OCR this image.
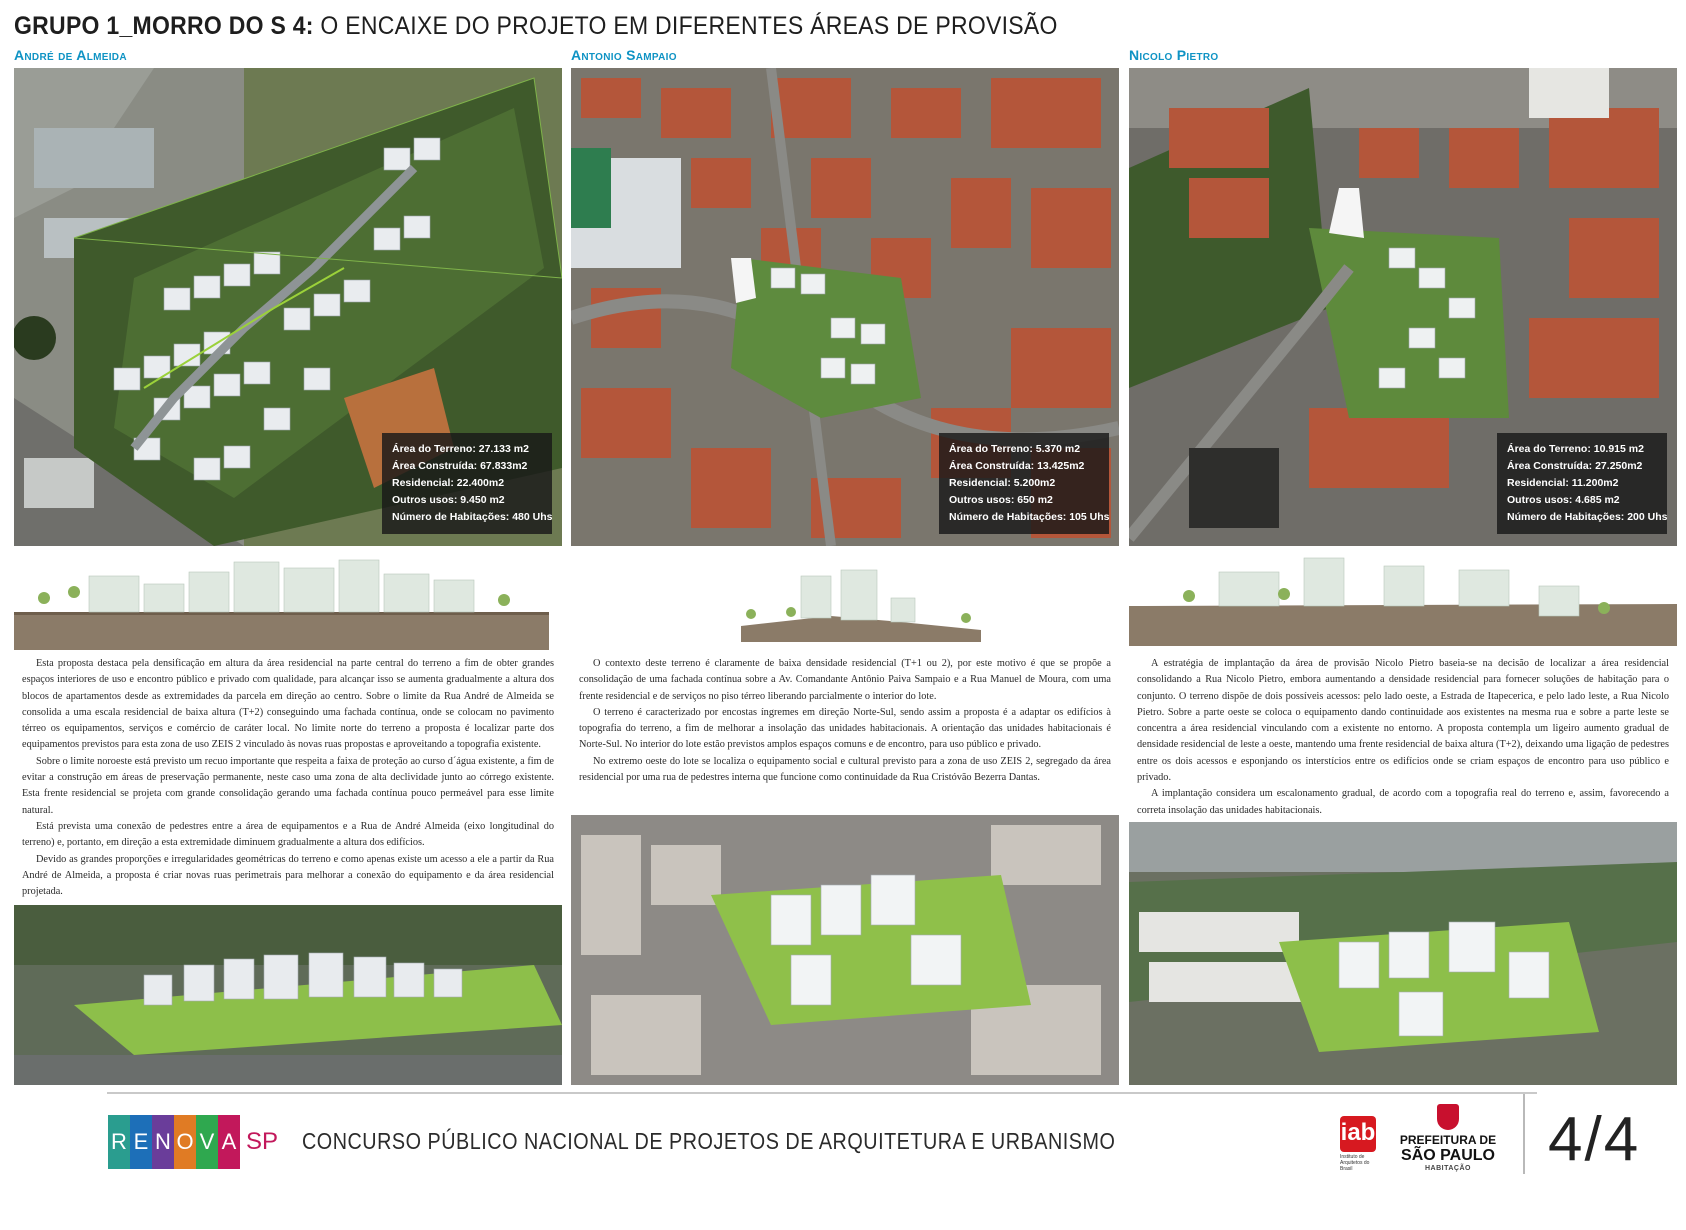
GRUPO 1_MORRO DO S 4: O ENCAIXE DO PROJETO EM DIFERENTES ÁREAS DE PROVISÃO
André de Almeida
Área do Terreno: 27.133 m2
Área Construída: 67.833m2
Residencial: 22.400m2
Outros usos: 9.450 m2
Número de Habitações: 480 Uhs

Esta proposta destaca pela densificação em altura da área residencial na parte central do terreno a fim de obter grandes espaços interiores de uso e encontro público e privado com qualidade, para alcançar isso se aumenta gradualmente a altura dos blocos de apartamentos desde as extremidades da parcela em direção ao centro. Sobre o limite da Rua André de Almeida se consolida a uma escala residencial de baixa altura (T+2) conseguindo uma fachada contínua, onde se colocam no pavimento térreo os equipamentos, serviços e comércio de caráter local. No limite norte do terreno a proposta é localizar parte dos equipamentos previstos para esta zona de uso ZEIS 2 vinculado às novas ruas propostas e aproveitando a topografia existente.

Sobre o limite noroeste está previsto um recuo importante que respeita a faixa de proteção ao curso d´água existente, a fim de evitar a construção em áreas de preservação permanente, neste caso uma zona de alta declividade junto ao córrego existente. Esta frente residencial se projeta com grande consolidação gerando uma fachada contínua pouco permeável para esse limite natural.

Está prevista uma conexão de pedestres entre a área de equipamentos e a Rua de André Almeida (eixo longitudinal do terreno) e, portanto, em direção a esta extremidade diminuem gradualmente a altura dos edifícios.

Devido as grandes proporções e irregularidades geométricas do terreno e como apenas existe um acesso a ele a partir da Rua André de Almeida, a proposta é criar novas ruas perimetrais para melhorar a conexão do equipamento e da área residencial projetada.

Antonio Sampaio
Área do Terreno: 5.370 m2
Área Construída: 13.425m2
Residencial: 5.200m2
Outros usos: 650 m2
Número de Habitações: 105 Uhs

O contexto deste terreno é claramente de baixa densidade residencial (T+1 ou 2), por este motivo é que se propõe a consolidação de uma fachada contínua sobre a Av. Comandante Antônio Paiva Sampaio e a Rua Manuel de Moura, com uma frente residencial e de serviços no piso térreo liberando parcialmente o interior do lote.

O terreno é caracterizado por encostas íngremes em direção Norte-Sul, sendo assim a proposta é a adaptar os edifícios à topografia do terreno, a fim de melhorar a insolação das unidades habitacionais. A orientação das unidades habitacionais é Norte-Sul. No interior do lote estão previstos amplos espaços comuns e de encontro, para uso público e privado.

No extremo oeste do lote se localiza o equipamento social e cultural previsto para a zona de uso ZEIS 2, segregado da área residencial por uma rua de pedestres interna que funcione como continuidade da Rua Cristóvão Bezerra Dantas.

Nicolo Pietro
Área do Terreno: 10.915 m2
Área Construída: 27.250m2
Residencial: 11.200m2
Outros usos: 4.685 m2
Número de Habitações: 200 Uhs

A estratégia de implantação da área de provisão Nicolo Pietro baseia-se na decisão de localizar a área residencial consolidando a Rua Nicolo Pietro, embora aumentando a densidade residencial para fornecer soluções de habitação para o conjunto. O terreno dispõe de dois possíveis acessos: pelo lado oeste, a Estrada de Itapecerica, e pelo lado leste, a Rua Nicolo Pietro. Sobre a parte oeste se coloca o equipamento dando continuidade aos existentes na mesma rua e sobre a parte leste se concentra a área residencial vinculando com a existente no entorno. A proposta contempla um ligeiro aumento gradual de densidade residencial de leste a oeste, mantendo uma frente residencial de baixa altura (T+2), deixando uma ligação de pedestres entre os dois acessos e esponjando os interstícios entre os edifícios onde se criam espaços de encontro para uso público e privado.

A implantação considera um escalonamento gradual, de acordo com a topografia real do terreno e, assim, favorecendo a correta insolação das unidades habitacionais.

R E N O V A SP CONCURSO PÚBLICO NACIONAL DE PROJETOS DE ARQUITETURA E URBANISMO	iab
Instituto de Arquitetos do Brasil
PREFEITURA DE
SÃO PAULO
HABITAÇÃO	4/4
